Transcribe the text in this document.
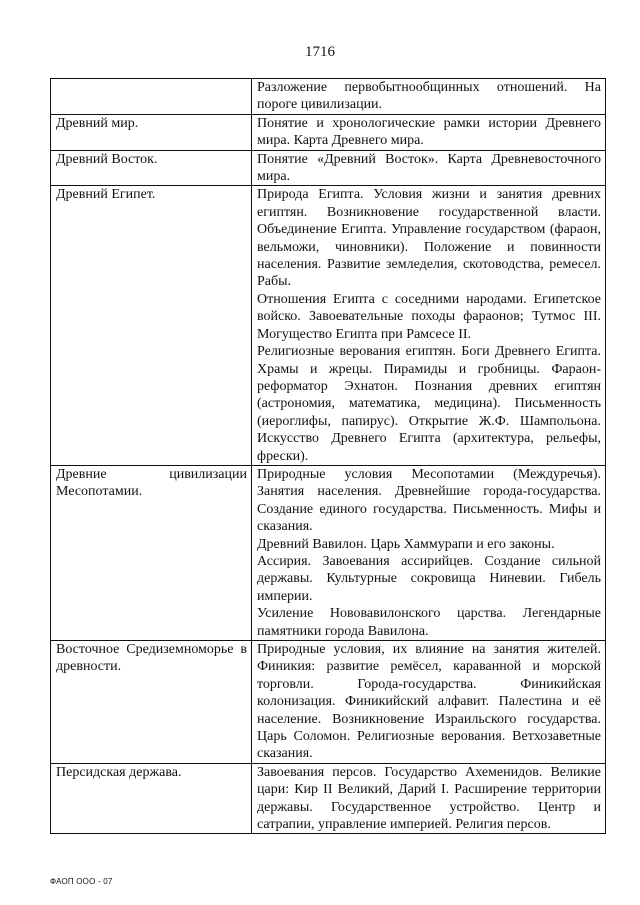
1716

	Разложение первобытнообщинных отношений. На пороге цивилизации.

Древний мир.	Понятие и хронологические рамки истории Древнего мира. Карта Древнего мира.

Древний Восток.	Понятие «Древний Восток». Карта Древневосточного мира.

Древний Египет.	Природа Египта. Условия жизни и занятия древних египтян. Возникновение государственной власти. Объединение Египта. Управление государством (фараон, вельможи, чиновники). Положение и повинности населения. Развитие земледелия, скотоводства, ремесел. Рабы.
Отношения Египта с соседними народами. Египетское войско. Завоевательные походы фараонов; Тутмос III. Могущество Египта при Рамсесе II.
Религиозные верования египтян. Боги Древнего Египта. Храмы и жрецы. Пирамиды и гробницы. Фараон-реформатор Эхнатон. Познания древних египтян (астрономия, математика, медицина). Письменность (иероглифы, папирус). Открытие Ж.Ф. Шампольона. Искусство Древнего Египта (архитектура, рельефы, фрески).

Древние цивилизации Месопотамии.	Природные условия Месопотамии (Междуречья). Занятия населения. Древнейшие города-государства. Создание единого государства. Письменность. Мифы и сказания.
Древний Вавилон. Царь Хаммурапи и его законы.
Ассирия. Завоевания ассирийцев. Создание сильной державы. Культурные сокровища Ниневии. Гибель империи.
Усиление Нововавилонского царства. Легендарные памятники города Вавилона.

Восточное Средиземноморье в древности.	Природные условия, их влияние на занятия жителей. Финикия: развитие ремёсел, караванной и морской торговли. Города-государства. Финикийская колонизация. Финикийский алфавит. Палестина и её население. Возникновение Израильского государства. Царь Соломон. Религиозные верования. Ветхозаветные сказания.

Персидская держава.	Завоевания персов. Государство Ахеменидов. Великие цари: Кир II Великий, Дарий I. Расширение территории державы. Государственное устройство. Центр и сатрапии, управление империей. Религия персов.
ФАОП ООО - 07
